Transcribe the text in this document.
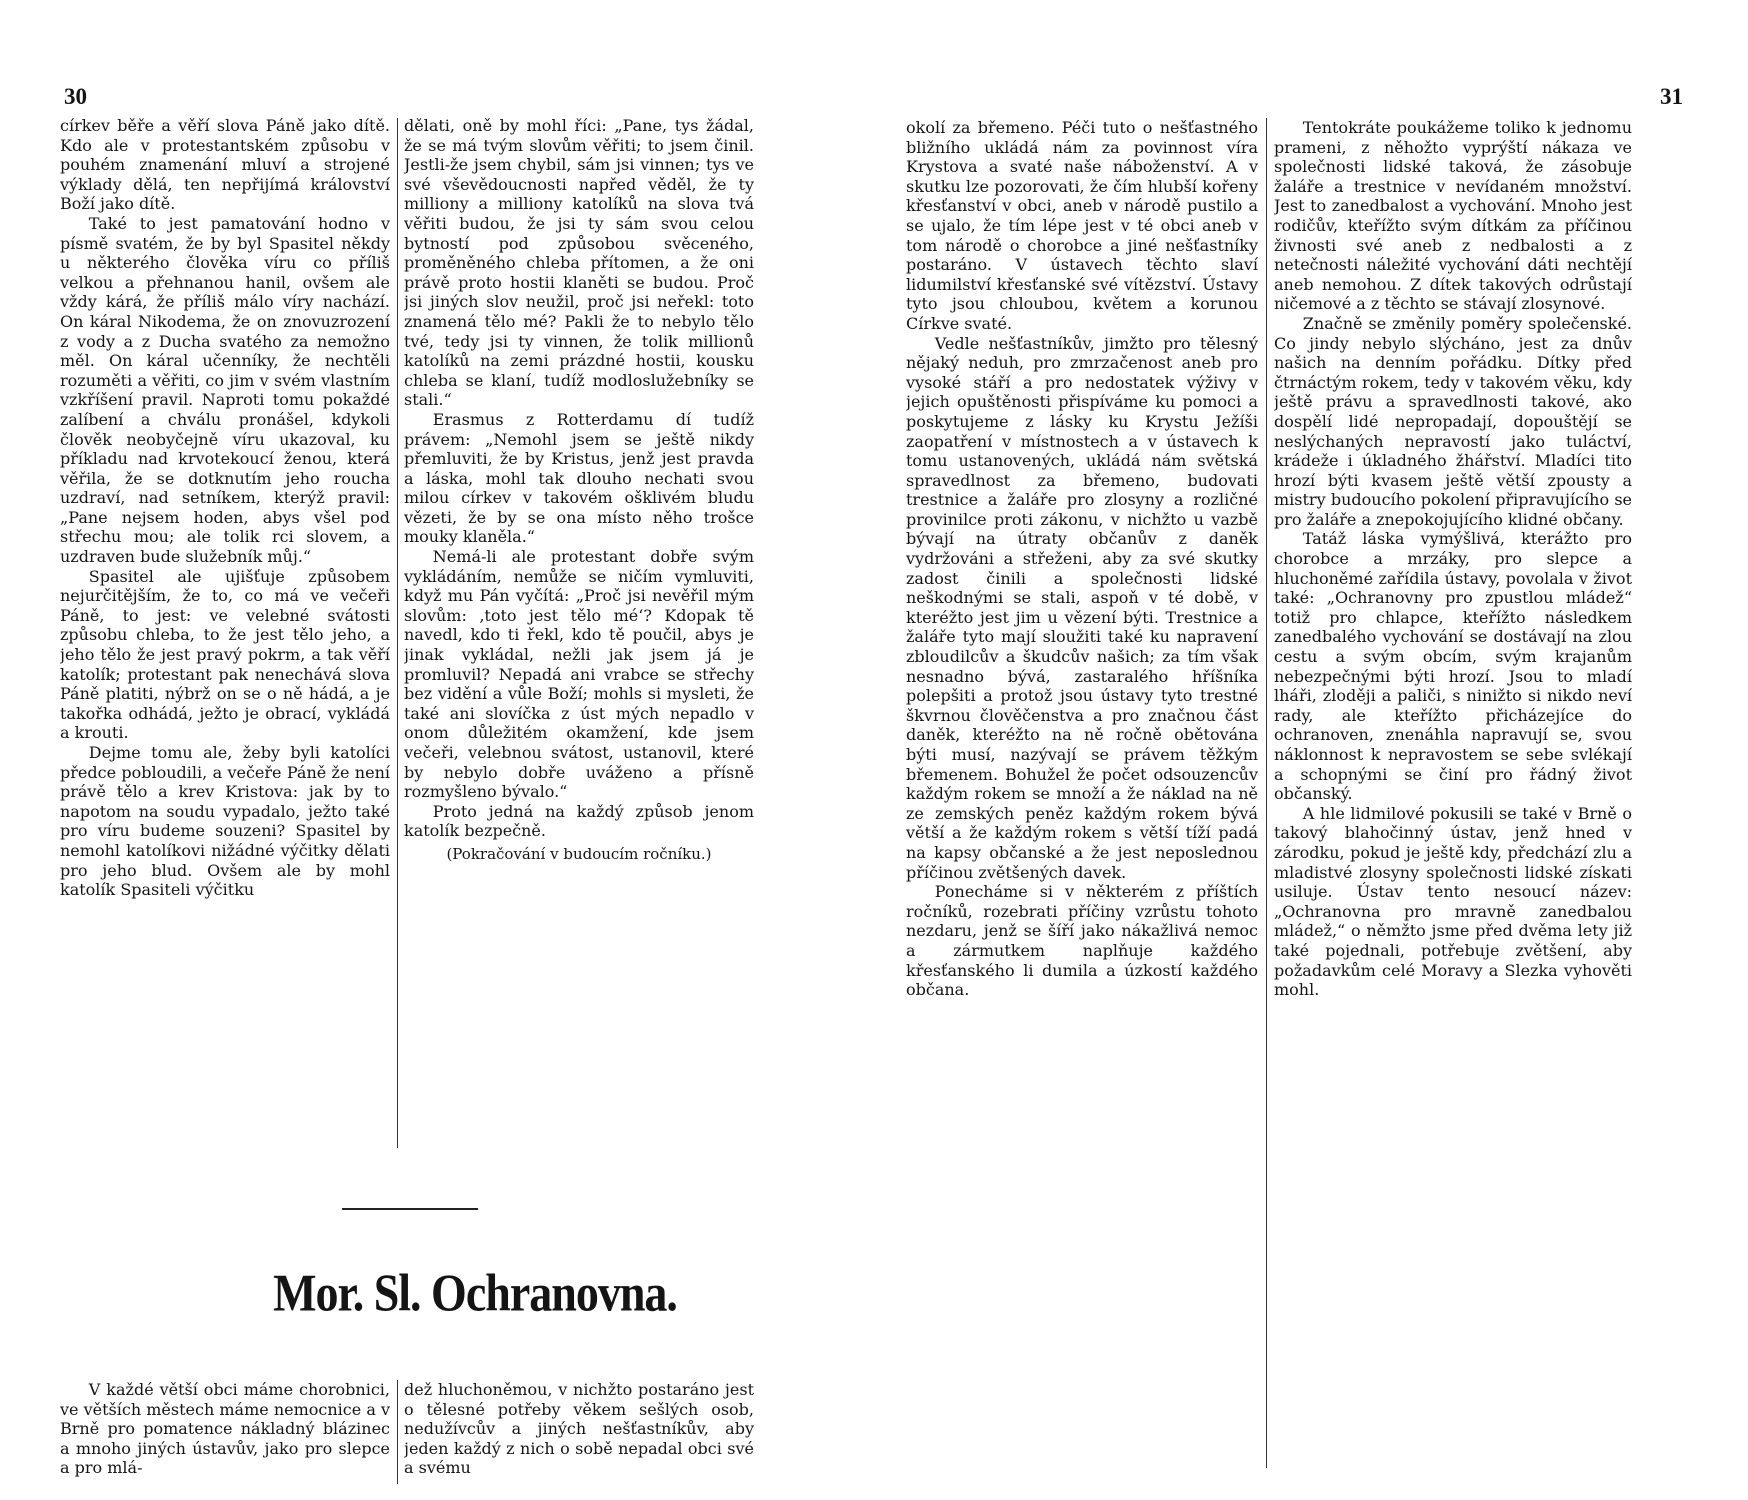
30

církev běře a věří slova Páně jako dítě. Kdo ale v protestantském způsobu v pouhém znamenání mluví a strojené výklady dělá, ten nepřijímá království Boží jako dítě.

Také to jest pamatování hodno v písmě svatém, že by byl Spasitel někdy u některého člověka víru co příliš velkou a přehnanou hanil, ovšem ale vždy kárá, že příliš málo víry nachází. On káral Nikodema, že on znovuzrození z vody a z Ducha svatého za nemožno měl. On káral učenníky, že nechtěli rozuměti a věřiti, co jim v svém vlastním vzkříšení pravil. Naproti tomu pokaždé zalíbení a chválu pronášel, kdykoli člověk neobyčejně víru ukazoval, ku příkladu nad krvotekoucí ženou, která věřila, že se dotknutím jeho roucha uzdraví, nad setníkem, kterýž pravil: „Pane nejsem hoden, abys všel pod střechu mou; ale tolik rci slovem, a uzdraven bude služebník můj.“

Spasitel ale ujišťuje způsobem nejurčitějším, že to, co má ve večeři Páně, to jest: ve velebné svátosti způsobu chleba, to že jest tělo jeho, a jeho tělo že jest pravý pokrm, a tak věří katolík; protestant pak nenechává slova Páně platiti, nýbrž on se o ně hádá, a je takořka odhádá, ježto je obrací, vykládá a krouti.

Dejme tomu ale, žeby byli katolíci předce pobloudili, a večeře Páně že není právě tělo a krev Kristova: jak by to napotom na soudu vypadalo, ježto také pro víru budeme souzeni? Spasitel by nemohl katolíkovi nižádné výčitky dělati pro jeho blud. Ovšem ale by mohl katolík Spasiteli výčitku

dělati, oně by mohl říci: „Pane, tys žádal, že se má tvým slovům věřiti; to jsem činil. Jestli-že jsem chybil, sám jsi vinnen; tys ve své vševědoucnosti napřed věděl, že ty milliony a milliony katolíků na slova tvá věřiti budou, že jsi ty sám svou celou bytností pod způsobou svěceného, proměněného chleba přítomen, a že oni právě proto hostii klaněti se budou. Proč jsi jiných slov neužil, proč jsi neřekl: toto znamená tělo mé? Pakli že to nebylo tělo tvé, tedy jsi ty vinnen, že tolik millionů katolíků na zemi prázdné hostii, kousku chleba se klaní, tudíž modloslužebníky se stali.“

Erasmus z Rotterdamu dí tudíž právem: „Nemohl jsem se ještě nikdy přemluviti, že by Kristus, jenž jest pravda a láska, mohl tak dlouho nechati svou milou církev v takovém ošklivém bludu vězeti, že by se ona místo něho trošce mouky klaněla.“

Nemá-li ale protestant dobře svým vykládáním, nemůže se ničím vymluviti, když mu Pán vyčítá: „Proč jsi nevěřil mým slovům: ‚toto jest tělo mé‘? Kdopak tě navedl, kdo ti řekl, kdo tě poučil, abys je jinak vykládal, nežli jak jsem já je promluvil? Nepadá ani vrabce se střechy bez vidění a vůle Boží; mohls si mysleti, že také ani slovíčka z úst mých nepadlo v onom důležitém okamžení, kde jsem večeři, velebnou svátost, ustanovil, které by nebylo dobře uváženo a přísně rozmyšleno bývalo.“

Proto jedná na každý způsob jenom katolík bezpečně.

(Pokračování v budoucím ročníku.)

Mor. Sl. Ochranovna.

V každé větší obci máme chorobnici, ve větších městech máme nemocnice a v Brně pro pomatence nákladný blázinec a mnoho jiných ústavův, jako pro slepce a pro mlá-

dež hluchoněmou, v nichžto postaráno jest o tělesné potřeby věkem sešlých osob, nedužívcův a jiných nešťastníkův, aby jeden každý z nich o sobě nepadal obci své a svému

31

okolí za břemeno. Péči tuto o nešťastného bližního ukládá nám za povinnost víra Krystova a svaté naše náboženství. A v skutku lze pozorovati, že čím hlubší kořeny křesťanství v obci, aneb v národě pustilo a se ujalo, že tím lépe jest v té obci aneb v tom národě o chorobce a jiné nešťastníky postaráno. V ústavech těchto slaví lidumilství křesťanské své vítězství. Ústavy tyto jsou chloubou, květem a korunou Církve svaté.

Vedle nešťastníkův, jimžto pro tělesný nějaký neduh, pro zmrzačenost aneb pro vysoké stáří a pro nedostatek výživy v jejich opuštěnosti přispíváme ku pomoci a poskytujeme z lásky ku Krystu Ježíši zaopatření v místnostech a v ústavech k tomu ustanovených, ukládá nám světská spravedlnost za břemeno, budovati trestnice a žaláře pro zlosyny a rozličné provinilce proti zákonu, v nichžto u vazbě bývají na útraty občanův z daněk vydržováni a střeženi, aby za své skutky zadost činili a společnosti lidské neškodnými se stali, aspoň v té době, v kteréžto jest jim u vězení býti. Trestnice a žaláře tyto mají sloužiti také ku napravení zbloudilcův a škudcův našich; za tím však nesnadno bývá, zastaralého hříšníka polepšiti a protož jsou ústavy tyto trestné škvrnou člověčenstva a pro značnou část daněk, kteréžto na ně ročně obětována býti musí, nazývají se právem těžkým břemenem. Bohužel že počet odsouzencův každým rokem se množí a že náklad na ně ze zemských peněz každým rokem bývá větší a že každým rokem s větší tíží padá na kapsy občanské a že jest neposlednou příčinou zvětšených davek.

Ponecháme si v některém z příštích ročníků, rozebrati příčiny vzrůstu tohoto nezdaru, jenž se šíří jako nákažlivá nemoc a zármutkem naplňuje každého křesťanského li dumila a úzkostí každého občana.

Tentokráte poukážeme toliko k jednomu prameni, z něhožto vyprýští nákaza ve společnosti lidské taková, že zásobuje žaláře a trestnice v nevídaném množství. Jest to zanedbalost a vychování. Mnoho jest rodičův, kteřížto svým dítkám za příčinou živnosti své aneb z nedbalosti a z netečnosti náležité vychování dáti nechtějí aneb nemohou. Z dítek takových odrůstají ničemové a z těchto se stávají zlosynové.

Značně se změnily poměry společenské. Co jindy nebylo slýcháno, jest za dnův našich na denním pořádku. Dítky před čtrnáctým rokem, tedy v takovém věku, kdy ještě právu a spravedlnosti takové, ako dospělí lidé nepropadají, dopouštějí se neslýchaných nepravostí jako tuláctví, krádeže i úkladného žhářství. Mladíci tito hrozí býti kvasem ještě větší zpousty a mistry budoucího pokolení připravujícího se pro žaláře a znepokojujícího klidné občany.

Tatáž láska vymýšlivá, kterážto pro chorobce a mrzáky, pro slepce a hluchoněmé zařídila ústavy, povolala v život také: „Ochranovny pro zpustlou mládež“ totiž pro chlapce, kteřížto následkem zanedbalého vychování se dostávají na zlou cestu a svým obcím, svým krajanům nebezpečnými býti hrozí. Jsou to mladí lháři, zloději a paliči, s ninižto si nikdo neví rady, ale kteřížto přicházejíce do ochranoven, znenáhla napravují se, svou náklonnost k nepravostem se sebe svlékají a schopnými se činí pro řádný život občanský.

A hle lidmilové pokusili se také v Brně o takový blahočinný ústav, jenž hned v zárodku, pokud je ještě kdy, předchází zlu a mladistvé zlosyny společnosti lidské získati usiluje. Ústav tento nesoucí název: „Ochranovna pro mravně zanedbalou mládež,“ o němžto jsme před dvěma lety již také pojednali, potřebuje zvětšení, aby požadavkům celé Moravy a Slezka vyhověti mohl.
